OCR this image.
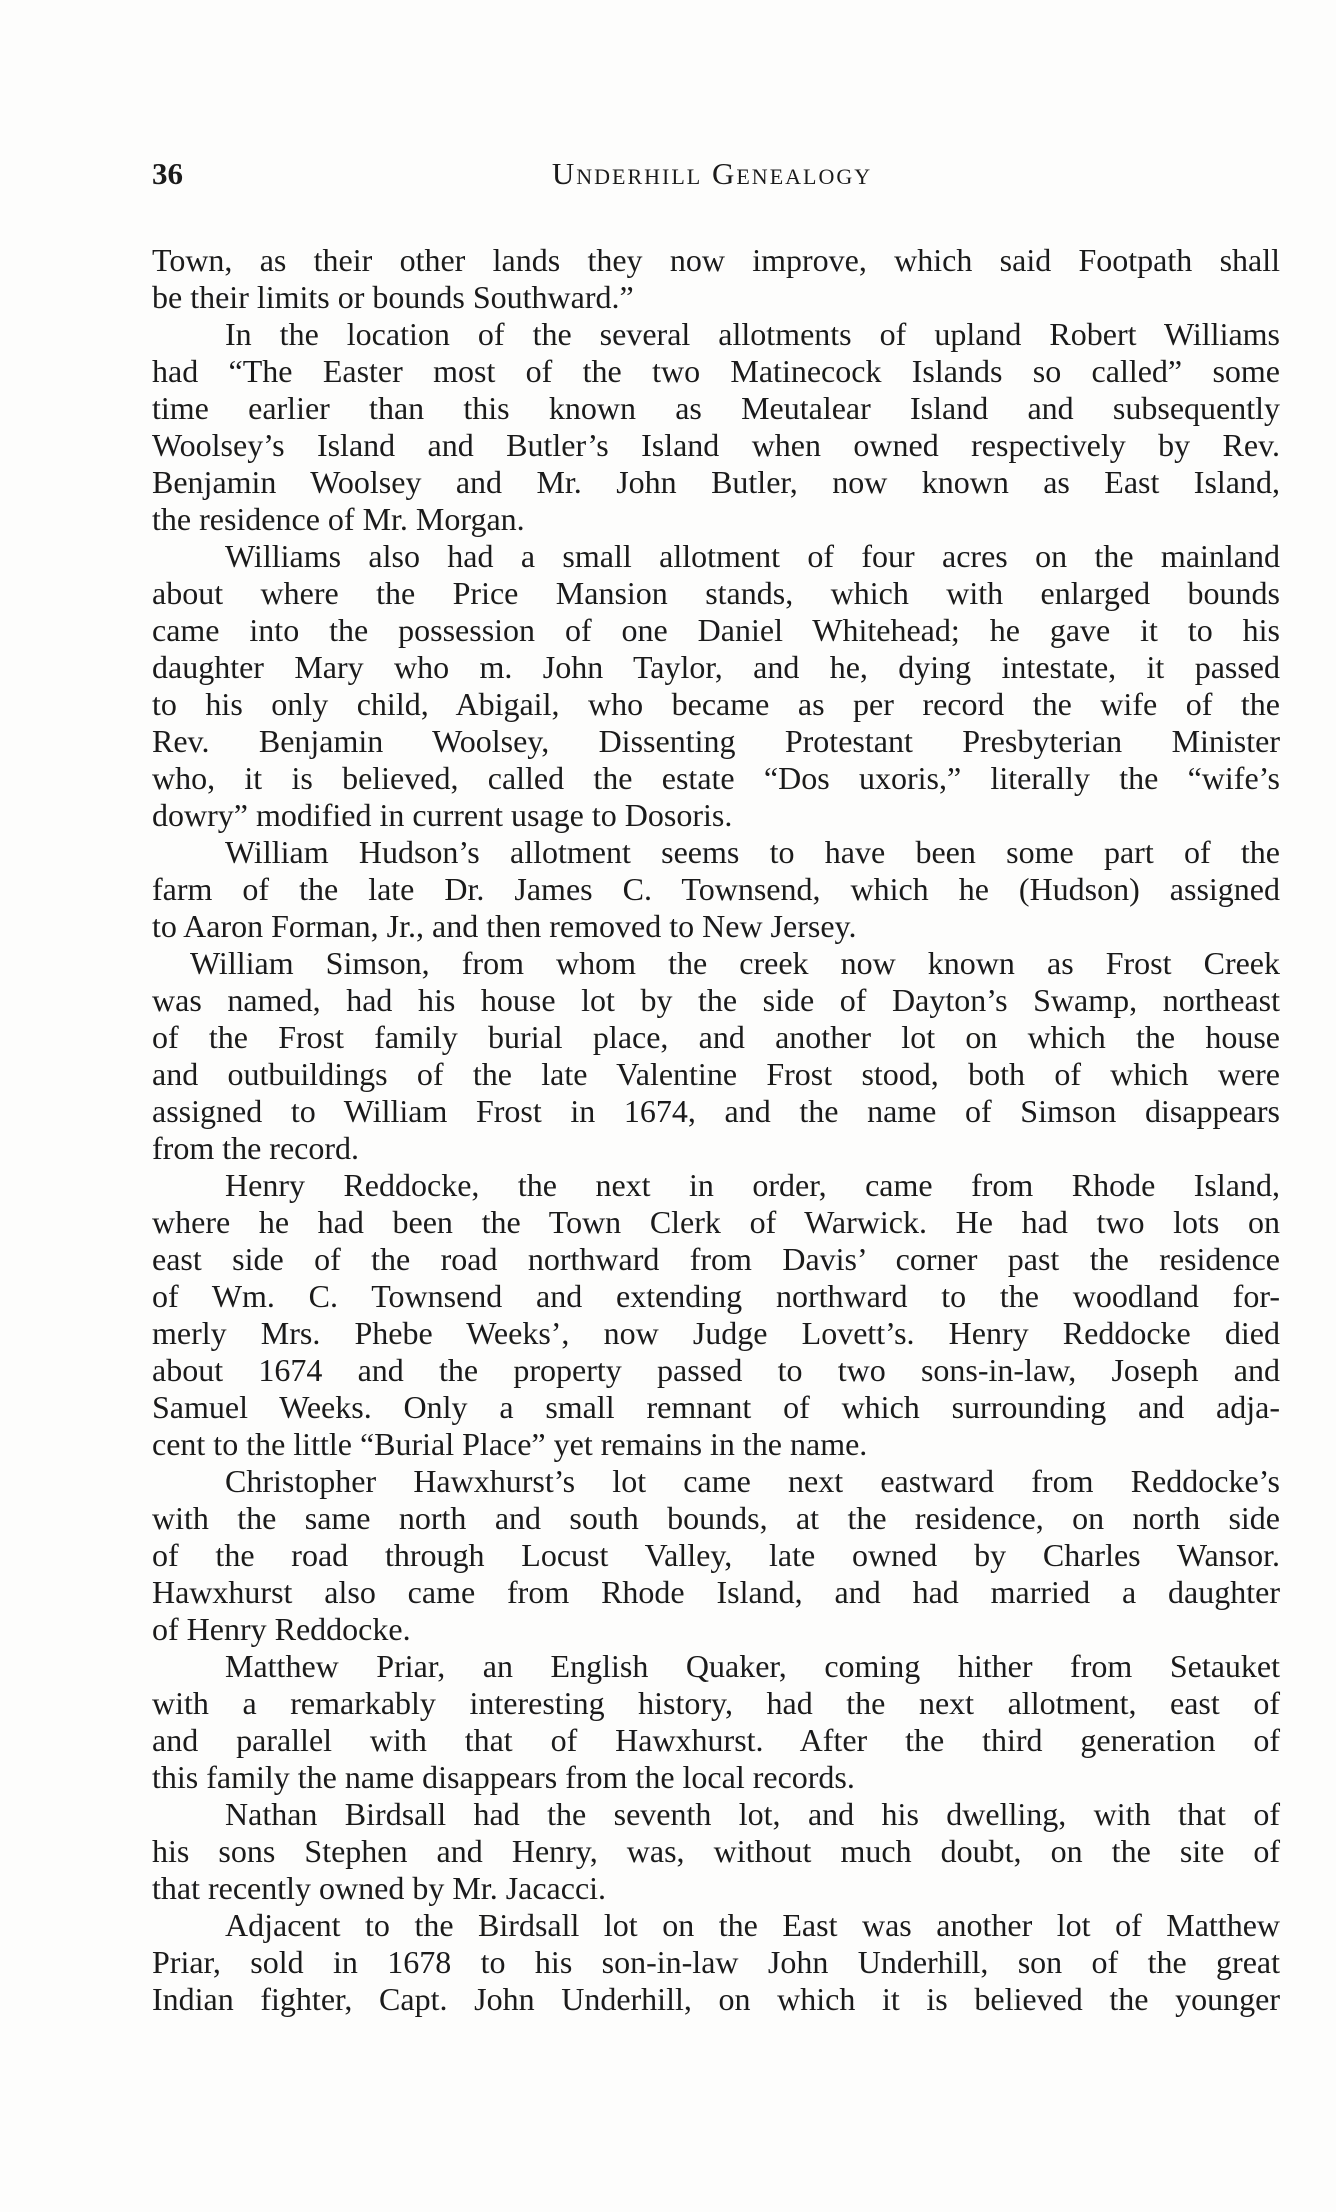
36	Underhill Genealogy
Town, as their other lands they now improve, which said Footpath shall
be their limits or bounds Southward.”
In the location of the several allotments of upland Robert Williams
had “The Easter most of the two Matinecock Islands so called” some
time earlier than this known as Meutalear Island and subsequently
Woolsey’s Island and Butler’s Island when owned respectively by Rev.
Benjamin Woolsey and Mr. John Butler, now known as East Island,
the residence of Mr. Morgan.
Williams also had a small allotment of four acres on the mainland
about where the Price Mansion stands, which with enlarged bounds
came into the possession of one Daniel Whitehead; he gave it to his
daughter Mary who m. John Taylor, and he, dying intestate, it passed
to his only child, Abigail, who became as per record the wife of the
Rev. Benjamin Woolsey, Dissenting Protestant Presbyterian Minister
who, it is believed, called the estate “Dos uxoris,” literally the “wife’s
dowry” modified in current usage to Dosoris.
William Hudson’s allotment seems to have been some part of the
farm of the late Dr. James C. Townsend, which he (Hudson) assigned
to Aaron Forman, Jr., and then removed to New Jersey.
William Simson, from whom the creek now known as Frost Creek
was named, had his house lot by the side of Dayton’s Swamp, northeast
of the Frost family burial place, and another lot on which the house
and outbuildings of the late Valentine Frost stood, both of which were
assigned to William Frost in 1674, and the name of Simson disappears
from the record.
Henry Reddocke, the next in order, came from Rhode Island,
where he had been the Town Clerk of Warwick. He had two lots on
east side of the road northward from Davis’ corner past the residence
of Wm. C. Townsend and extending northward to the woodland for-
merly Mrs. Phebe Weeks’, now Judge Lovett’s. Henry Reddocke died
about 1674 and the property passed to two sons-in-law, Joseph and
Samuel Weeks. Only a small remnant of which surrounding and adja-
cent to the little “Burial Place” yet remains in the name.
Christopher Hawxhurst’s lot came next eastward from Reddocke’s
with the same north and south bounds, at the residence, on north side
of the road through Locust Valley, late owned by Charles Wansor.
Hawxhurst also came from Rhode Island, and had married a daughter
of Henry Reddocke.
Matthew Priar, an English Quaker, coming hither from Setauket
with a remarkably interesting history, had the next allotment, east of
and parallel with that of Hawxhurst. After the third generation of
this family the name disappears from the local records.
Nathan Birdsall had the seventh lot, and his dwelling, with that of
his sons Stephen and Henry, was, without much doubt, on the site of
that recently owned by Mr. Jacacci.
Adjacent to the Birdsall lot on the East was another lot of Matthew
Priar, sold in 1678 to his son-in-law John Underhill, son of the great
Indian fighter, Capt. John Underhill, on which it is believed the younger
